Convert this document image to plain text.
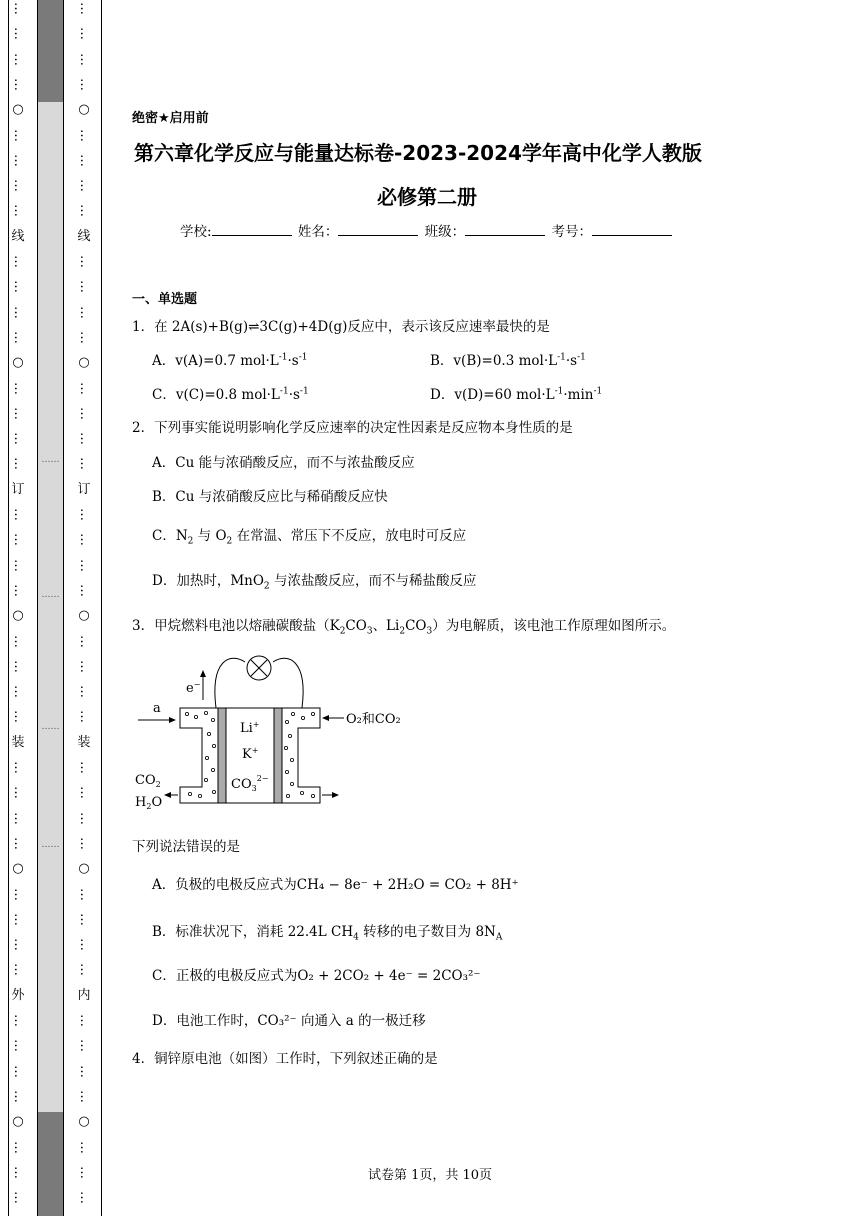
…
…
…
…
○
…
…
…
…
线
…
…
…
…
○
…
…
…
…
订
…
…
…
…
○
…
…
…
…
装
…
…
…
…
○
…
…
…
…
外
…
…
…
…
○
…
…
…
……
……
……
……
…
…
…
…
○
…
…
…
…
线
…
…
…
…
○
…
…
…
…
订
…
…
…
…
○
…
…
…
…
装
…
…
…
…
○
…
…
…
…
内
…
…
…
…
○
…
…
…
绝密★启用前
第六章化学反应与能量达标卷-2023-2024学年高中化学人教版
必修第二册
学校:	姓名：	班级：	考号：
一、单选题
1．在 2A(s)+B(g)⇌3C(g)+4D(g)反应中，表示该反应速率最快的是
A．v(A)=0.7 $mol\cdot L^{-1}\cdot s^{-1}$	B．v(B)=0.3 $mol\cdot L^{-1}\cdot s^{-1}$
C．v(C)=0.8 $mol\cdot L^{-1}\cdot s^{-1}$	D．v(D)=60 $mol\cdot L^{-1}\cdot\min^{-1}$
2．下列事实能说明影响化学反应速率的决定性因素是反应物本身性质的是
A．Cu 能与浓硝酸反应，而不与浓盐酸反应
B．Cu 与浓硝酸反应比与稀硝酸反应快
C．$N_2$ 与 $O_2$ 在常温、常压下不反应，放电时可反应
D．加热时，MnO$_2$ 与浓盐酸反应，而不与稀盐酸反应
3．甲烷燃料电池以熔融碳酸盐（$K_2CO_3$、$Li_2CO_3$）为电解质，该电池工作原理如图所示。
e−
a
Li+
K+
$CO_3^{2-}$
O₂和CO₂
$CO_2$
$H_2O$
下列说法错误的是
A．负极的电极反应式为CH₄ − 8e⁻ + 2H₂O = CO₂ + 8H⁺
B．标准状况下，消耗 22.4L $CH_4$ 转移的电子数目为 $8N_A$
C．正极的电极反应式为O₂ + 2CO₂ + 4e⁻ = 2CO₃²⁻
D．电池工作时，CO₃²⁻ 向通入 a 的一极迁移
4．铜锌原电池（如图）工作时，下列叙述正确的是
试卷第 1页，共 10页
